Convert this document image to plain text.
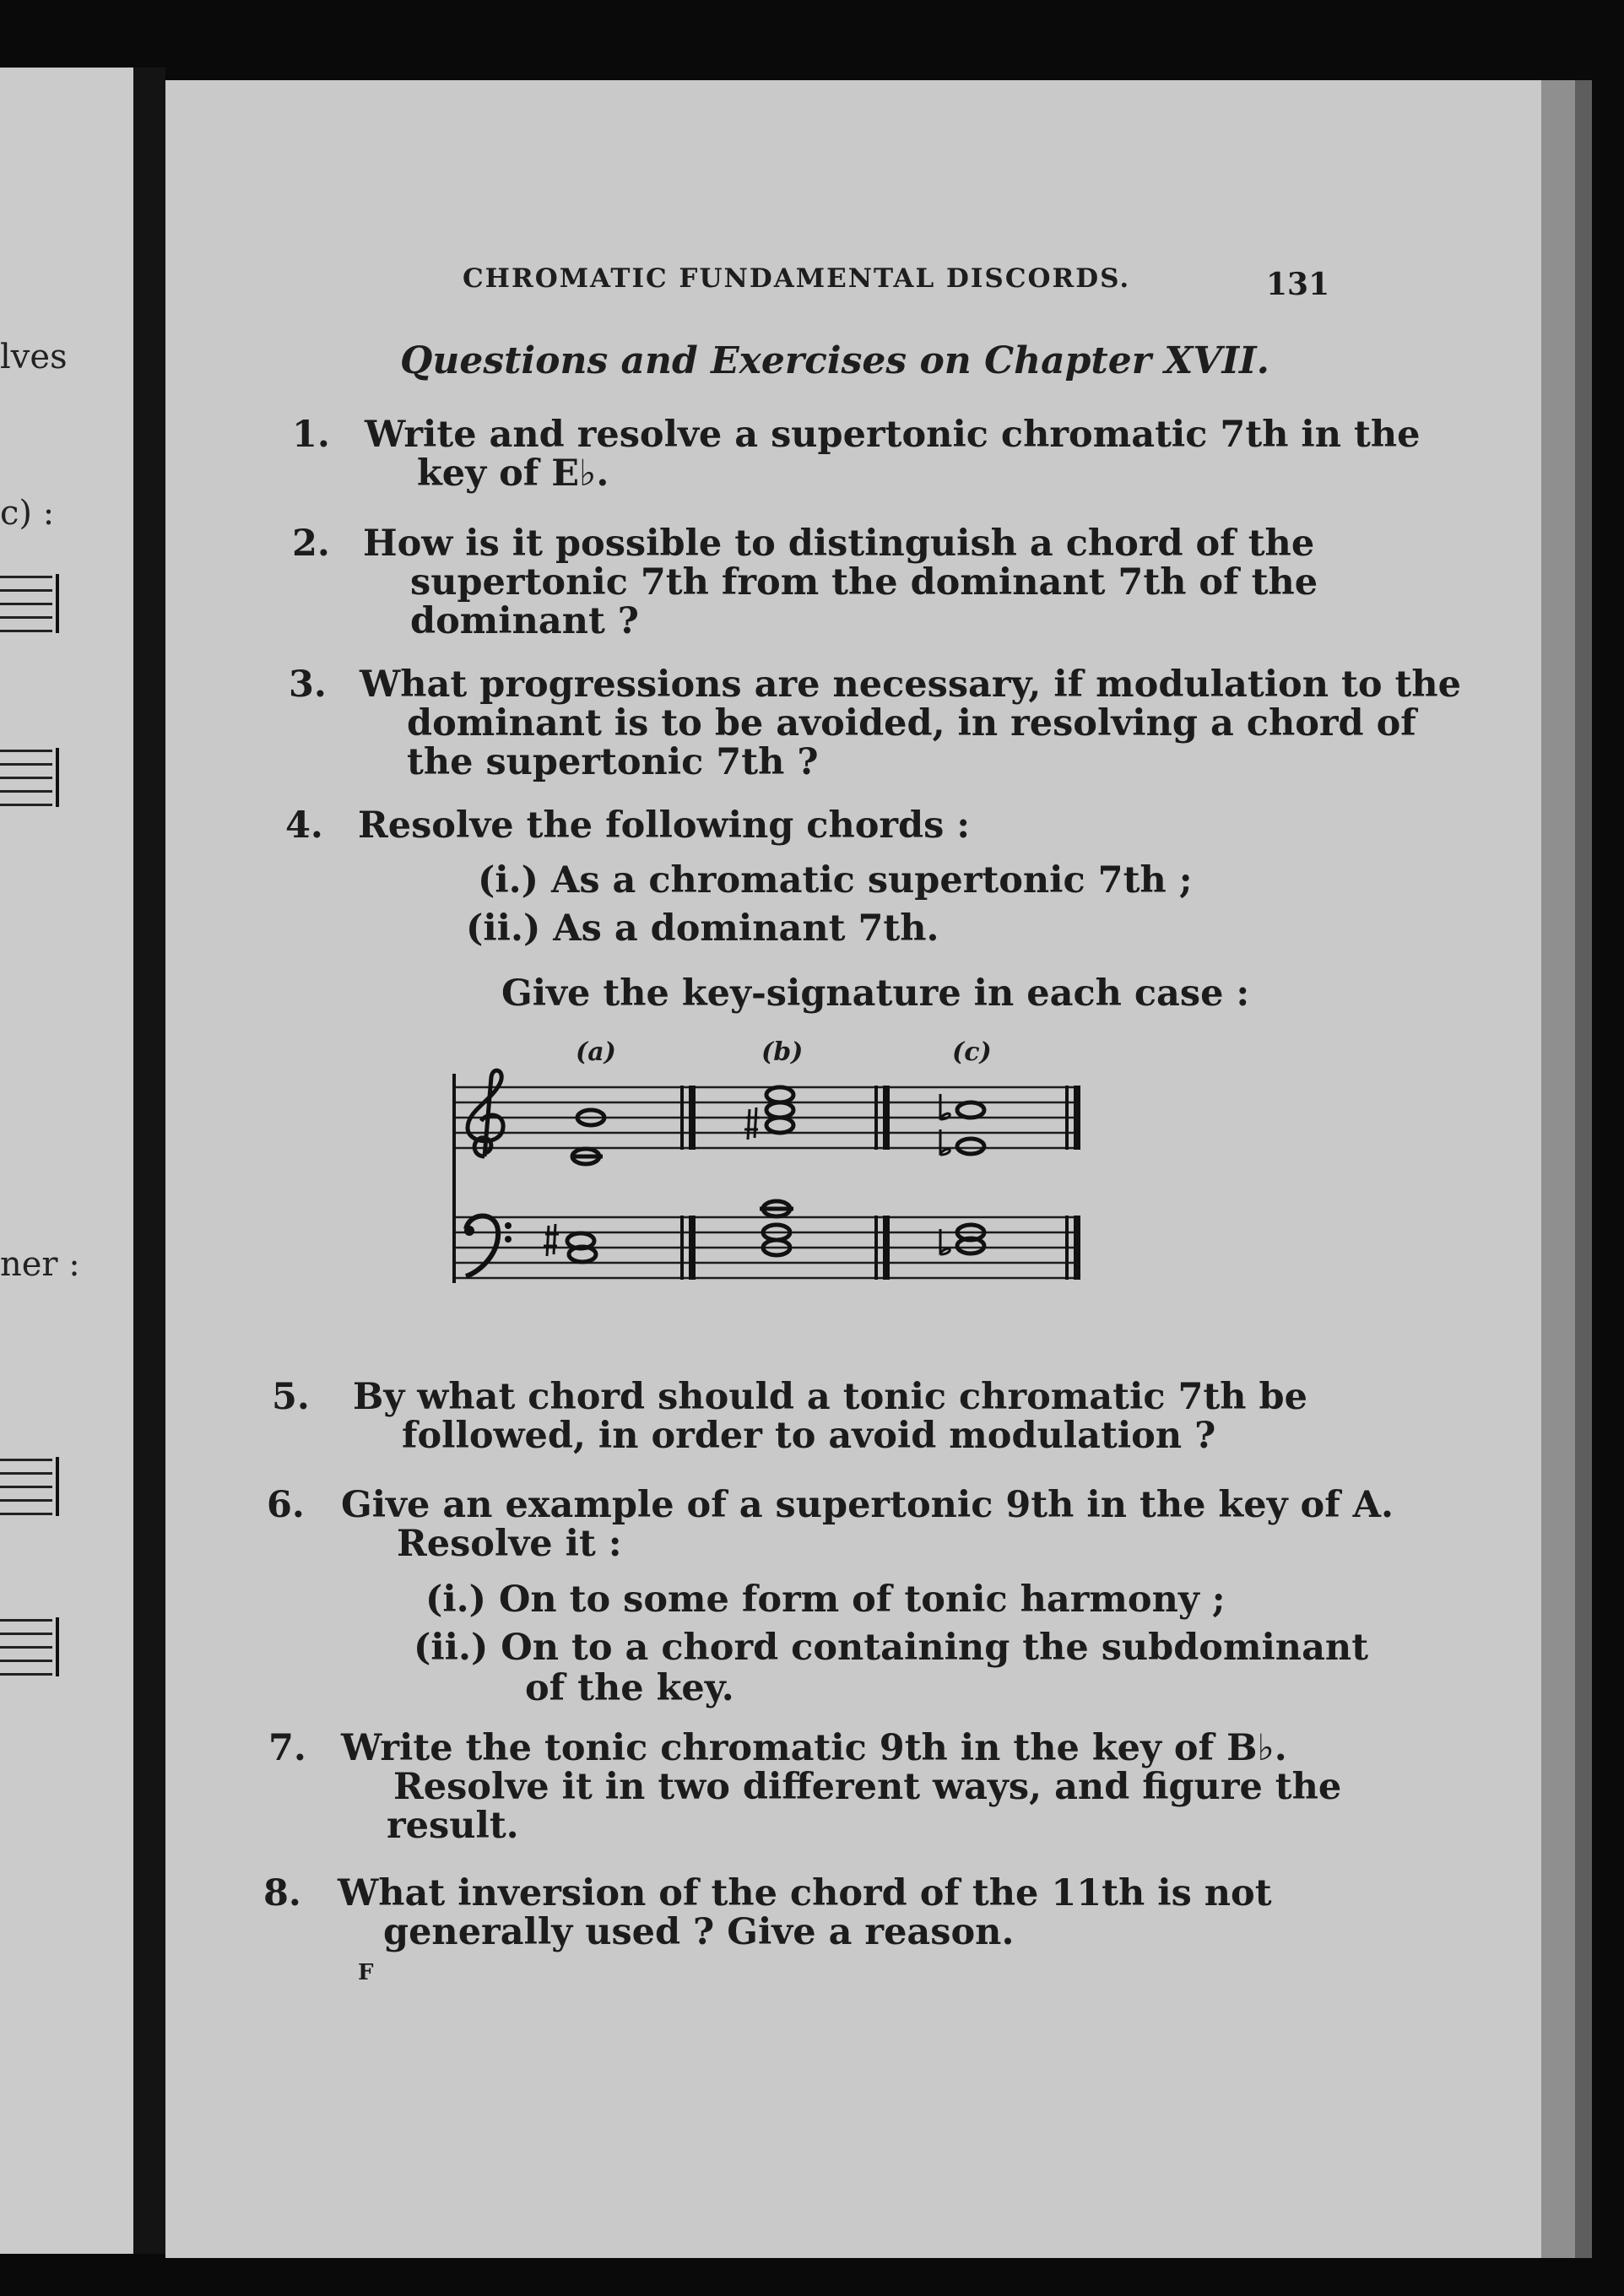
lves
c) :
ner :
CHROMATIC FUNDAMENTAL DISCORDS.	131
Questions and Exercises on Chapter XVII.
1. Write and resolve a supertonic chromatic 7th in the
key of E♭.
2. How is it possible to distinguish a chord of the
supertonic 7th from the dominant 7th of the
dominant ?
3. What progressions are necessary, if modulation to the
dominant is to be avoided, in resolving a chord of
the supertonic 7th ?
4. Resolve the following chords :
(i.) As a chromatic supertonic 7th ;
(ii.) As a dominant 7th.
Give the key-signature in each case :
(a)	(b)	(c)
5. By what chord should a tonic chromatic 7th be
followed, in order to avoid modulation ?
6. Give an example of a supertonic 9th in the key of A.
Resolve it :
(i.) On to some form of tonic harmony ;
(ii.) On to a chord containing the subdominant
of the key.
7. Write the tonic chromatic 9th in the key of B♭.
Resolve it in two different ways, and figure the
result.
8. What inversion of the chord of the 11th is not
generally used ? Give a reason.
F
